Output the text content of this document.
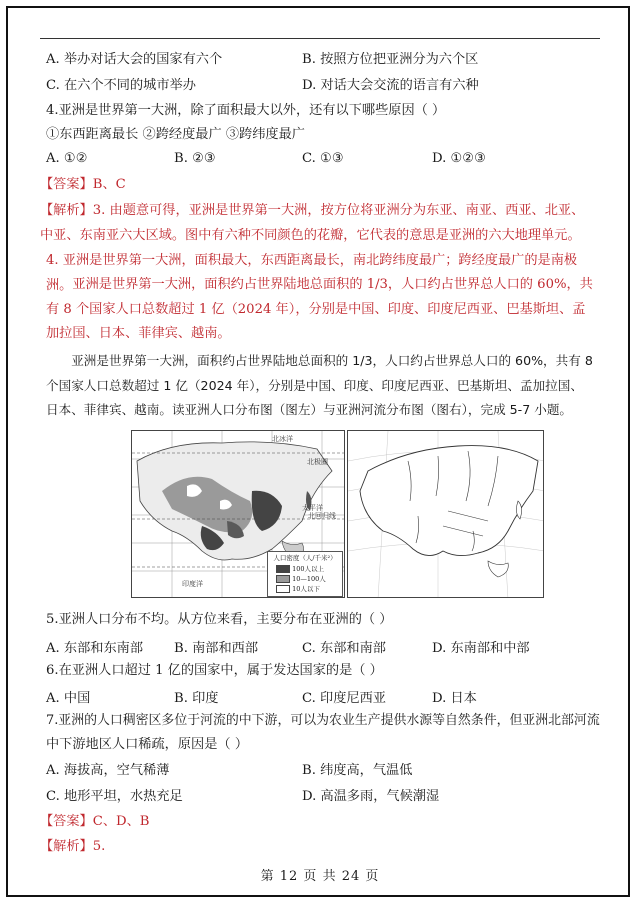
A. 举办对话大会的国家有六个	B. 按照方位把亚洲分为六个区
C. 在六个不同的城市举办	D. 对话大会交流的语言有六种
4.亚洲是世界第一大洲，除了面积最大以外，还有以下哪些原因（ ）
①东西距离最长 ②跨经度最广 ③跨纬度最广
A. ①②	B. ②③	C. ①③	D. ①②③
【答案】B、C
【解析】3. 由题意可得，亚洲是世界第一大洲，按方位将亚洲分为东亚、南亚、西亚、北亚、中亚、东南亚六大区域。图中有六种不同颜色的花瓣，它代表的意思是亚洲的六大地理单元。
4. 亚洲是世界第一大洲，面积最大，东西距离最长，南北跨纬度最广；跨经度最广的是南极洲。 亚洲是世界第一大洲，面积约占世界陆地总面积的 1/3，人口约占世界总人口的 60%，共有 8 个国家人口总数超过 1 亿（2024 年），分别是中国、印度、印度尼西亚、巴基斯坦、孟加拉国、日本、菲律宾、越南。
亚洲是世界第一大洲，面积约占世界陆地总面积的 1/3，人口约占世界总人口的 60%，共有 8 个国家人口总数超过 1 亿（2024 年），分别是中国、印度、印度尼西亚、巴基斯坦、孟加拉国、日本、菲律宾、越南。读亚洲人口分布图（图左）与亚洲河流分布图（图右），完成 5-7 小题。
北冰洋
北极圈
太平洋
北回归线
印度洋
人口密度（人/千米²）
100人以上
10—100人
10人以下
5.亚洲人口分布不均。从方位来看，主要分布在亚洲的（ ）
A. 东部和东南部 B. 南部和西部	C. 东部和南部	D. 东南部和中部
6.在亚洲人口超过 1 亿的国家中，属于发达国家的是（ ）
A. 中国	B. 印度	C. 印度尼西亚	D. 日本
7.亚洲的人口稠密区多位于河流的中下游，可以为农业生产提供水源等自然条件，但亚洲北部河流
中下游地区人口稀疏，原因是（ ）
A. 海拔高，空气稀薄	B. 纬度高，气温低
C. 地形平坦，水热充足	D. 高温多雨，气候潮湿
【答案】C、D、B
【解析】5.
第 12 页 共 24 页
